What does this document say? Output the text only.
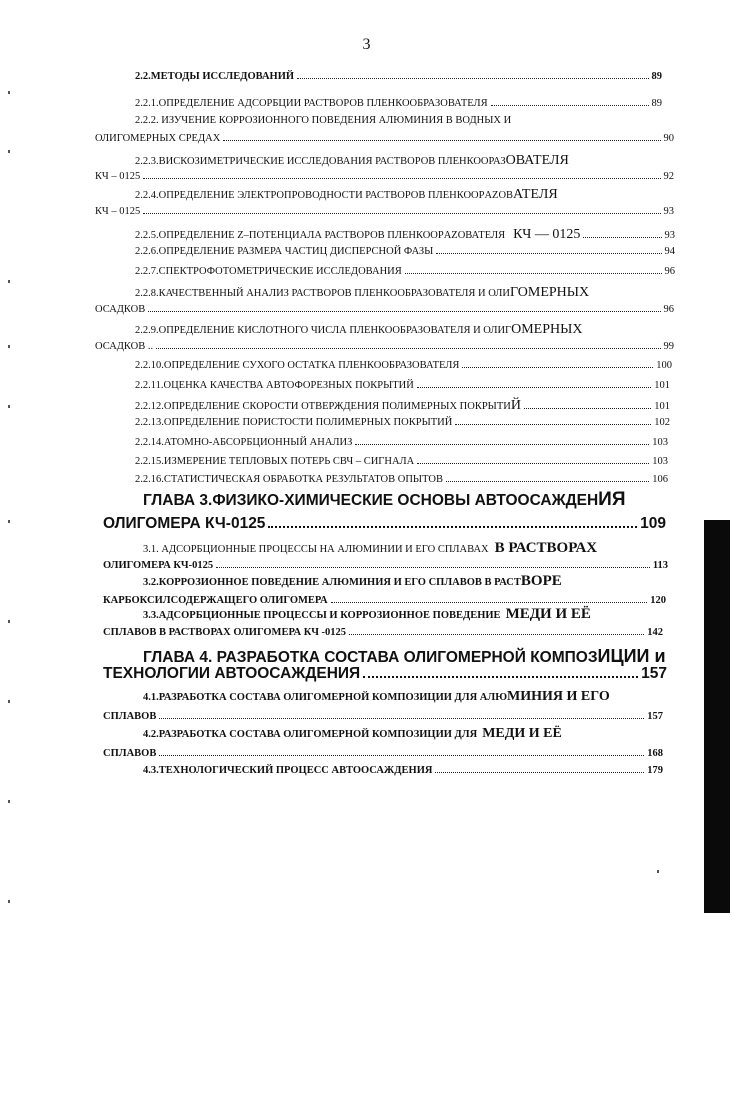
3
2.2.МЕТОДЫ ИССЛЕДОВАНИЙ	89
2.2.1.ОПРЕДЕЛЕНИЕ АДСОРБЦИИ РАСТВОРОВ ПЛЕНКООБРАЗОВАТЕЛЯ	89
2.2.2. ИЗУЧЕНИЕ КОРРОЗИОННОГО ПОВЕДЕНИЯ АЛЮМИНИЯ В ВОДНЫХ И
ОЛИГОМЕРНЫХ СРЕДАХ	90
2.2.3.ВИСКОЗИМЕТРИЧЕСКИЕ ИССЛЕДОВАНИЯ РАСТВОРОВ ПЛЕНКООРАЗ ОВАТЕЛЯ
КЧ – 0125	92
2.2.4.ОПРЕДЕЛЕНИЕ ЭЛЕКТРОПРОВОДНОСТИ РАСТВОРОВ ПЛЕНКООРAZОВ АТЕЛЯ
КЧ – 0125	93
2.2.5.ОПРЕДЕЛЕНИЕ Ζ–ПОТЕНЦИАЛА РАСТВОРОВ ПЛЕНКООРAZОВАТЕЛЯ КЧ — 0125	93
2.2.6.ОПРЕДЕЛЕНИЕ РАЗМЕРА ЧАСТИЦ ДИСПЕРСНОЙ ФАЗЫ	94
2.2.7.СПЕКТРОФОТОМЕТРИЧЕСКИЕ ИССЛЕДОВАНИЯ	96
2.2.8.КАЧЕСТВЕННЫЙ АНАЛИЗ РАСТВОРОВ ПЛЕНКООБРАЗОВАТЕЛЯ И ОЛИ ГОМЕРНЫХ
ОСАДКОВ	96
2.2.9.ОПРЕДЕЛЕНИЕ КИСЛОТНОГО ЧИСЛА ПЛЕНКООБРАЗОВАТЕЛЯ И ОЛИГ ОМЕРНЫХ
ОСАДКОВ ..	99
2.2.10.ОПРЕДЕЛЕНИЕ СУХОГО ОСТАТКА ПЛЕНКООБРАЗОВАТЕЛЯ	100
2.2.11.ОЦЕНКА КАЧЕСТВА АВТОФОРЕЗНЫХ ПОКРЫТИЙ	101
2.2.12.ОПРЕДЕЛЕНИЕ СКОРОСТИ ОТВЕРЖДЕНИЯ ПОЛИМЕРНЫХ ПОКРЫТИ Й	101
2.2.13.ОПРЕДЕЛЕНИЕ ПОРИСТОСТИ ПОЛИМЕРНЫХ ПОКРЫТИЙ	102
2.2.14.АТОМНО-АБСОРБЦИОННЫЙ АНАЛИЗ	103
2.2.15.ИЗМЕРЕНИЕ ТЕПЛОВЫХ ПОТЕРЬ СВЧ – СИГНАЛА	103
2.2.16.СТАТИСТИЧЕСКАЯ ОБРАБОТКА РЕЗУЛЬТАТОВ ОПЫТОВ	106
ГЛАВА 3.ФИЗИКО-ХИМИЧЕСКИЕ ОСНОВЫ АВТООСАЖДЕН ИЯ
ОЛИГОМЕРА КЧ-0125	109
3.1. АДСОРБЦИОННЫЕ ПРОЦЕССЫ НА АЛЮМИНИИ И ЕГО СПЛАВАХ В РАСТВОРАХ
ОЛИГОМЕРА КЧ-0125	113
3.2.КОРРОЗИОННОЕ ПОВЕДЕНИЕ АЛЮМИНИЯ И ЕГО СПЛАВОВ В РАСТ ВОРЕ
КАРБОКСИЛСОДЕРЖАЩЕГО ОЛИГОМЕРА	120
3.3.АДСОРБЦИОННЫЕ ПРОЦЕССЫ И КОРРОЗИОННОЕ ПОВЕДЕНИЕ МЕДИ И ЕЁ
СПЛАВОВ В РАСТВОРАХ ОЛИГОМЕРА КЧ -0125	142
ГЛАВА 4. РАЗРАБОТКА СОСТАВА ОЛИГОМЕРНОЙ КОМПОЗ ИЦИИ и
ТЕХНОЛОГИИ АВТООСАЖДЕНИЯ	157
4.1.РАЗРАБОТКА СОСТАВА ОЛИГОМЕРНОЙ КОМПОЗИЦИИ ДЛЯ АЛЮ МИНИЯ И ЕГО
СПЛАВОВ	157
4.2.РАЗРАБОТКА СОСТАВА ОЛИГОМЕРНОЙ КОМПОЗИЦИИ ДЛЯ МЕДИ И ЕЁ
СПЛАВОВ	168
4.3.ТЕХНОЛОГИЧЕСКИЙ ПРОЦЕСС АВТООСАЖДЕНИЯ	179
